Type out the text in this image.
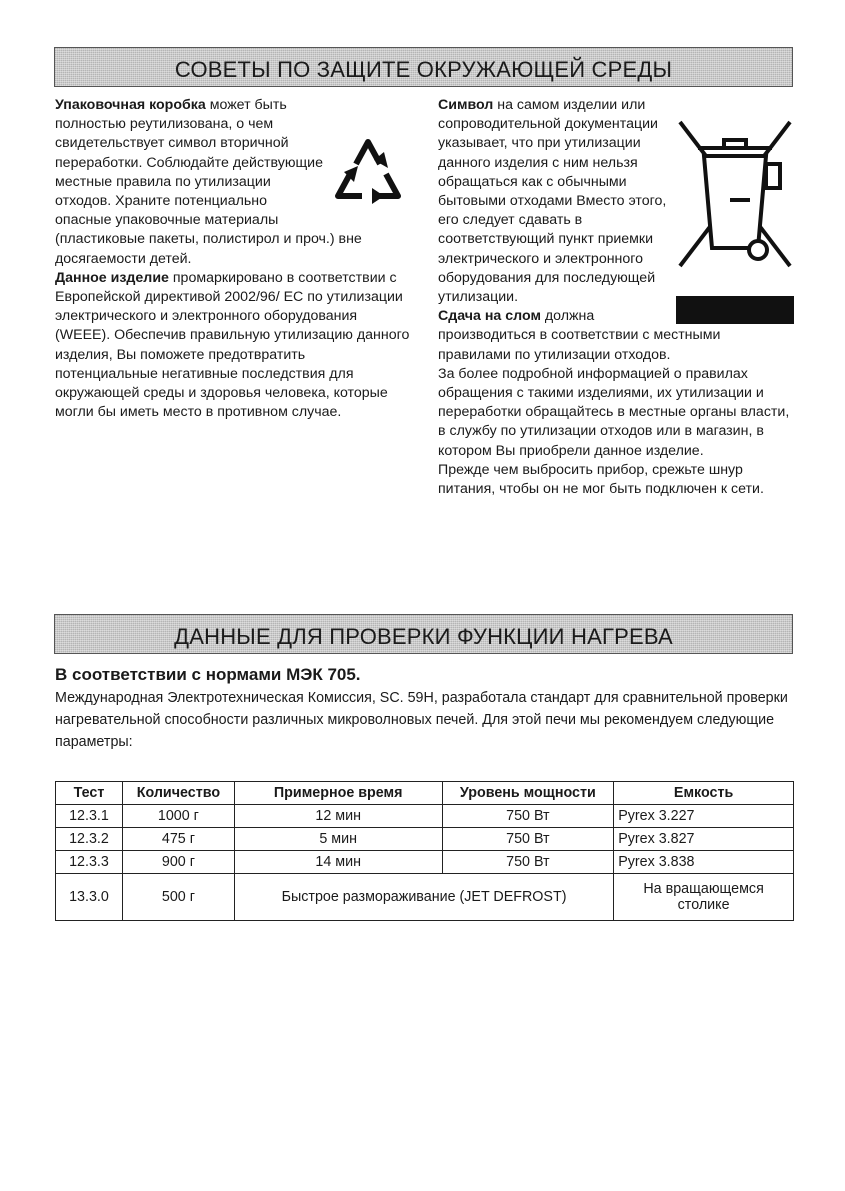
СОВЕТЫ ПО ЗАЩИТЕ ОКРУЖАЮЩЕЙ СРЕДЫ

Упаковочная коробка может быть полностью реутилизована, о чем свидетельствует символ вторичной переработки. Соблюдайте действующие местные правила по утилизации отходов. Храните потенциально опасные упаковочные материалы (пластиковые пакеты, полистирол и проч.) вне досягаемости детей.

Данное изделие промаркировано в соответствии с Европейской директивой 2002/96/ ЕС по утилизации электрического и электронного оборудования (WEEE). Обеспечив правильную утилизацию данного изделия, Вы поможете предотвратить потенциальные негативные последствия для окружающей среды и здоровья человека, которые могли бы иметь место в противном случае.

Символ на самом изделии или сопроводительной документации указывает, что при утилизации данного изделия с ним нельзя обращаться как с обычными бытовыми отходами Вместо этого, его следует сдавать в соответствующий пункт приемки электрического и электронного оборудования для последующей утилизации.

Сдача на слом должна производиться в соответствии с местными правилами по утилизации отходов.

За более подробной информацией о правилах обращения с такими изделиями, их утилизации и переработки обращайтесь в местные органы власти, в службу по утилизации отходов или в магазин, в котором Вы приобрели данное изделие.

Прежде чем выбросить прибор, срежьте шнур питания, чтобы он не мог быть подключен к сети.

ДАННЫЕ ДЛЯ ПРОВЕРКИ ФУНКЦИИ НАГРЕВА
В соответствии с нормами МЭК 705.
Международная Электротехническая Комиссия, SC. 59H, разработала стандарт для сравнительной проверки нагревательной способности различных микроволновых печей. Для этой печи мы рекомендуем следующие параметры:
Тест	Количество	Примерное время	Уровень мощности	Емкость
12.3.1	1000 г	12 мин	750 Вт	Pyrex 3.227
12.3.2	475 г	5 мин	750 Вт	Pyrex 3.827
12.3.3	900 г	14 мин	750 Вт	Pyrex 3.838
13.3.0	500 г	Быстрое размораживание (JET DEFROST)		На вращающемся столике
